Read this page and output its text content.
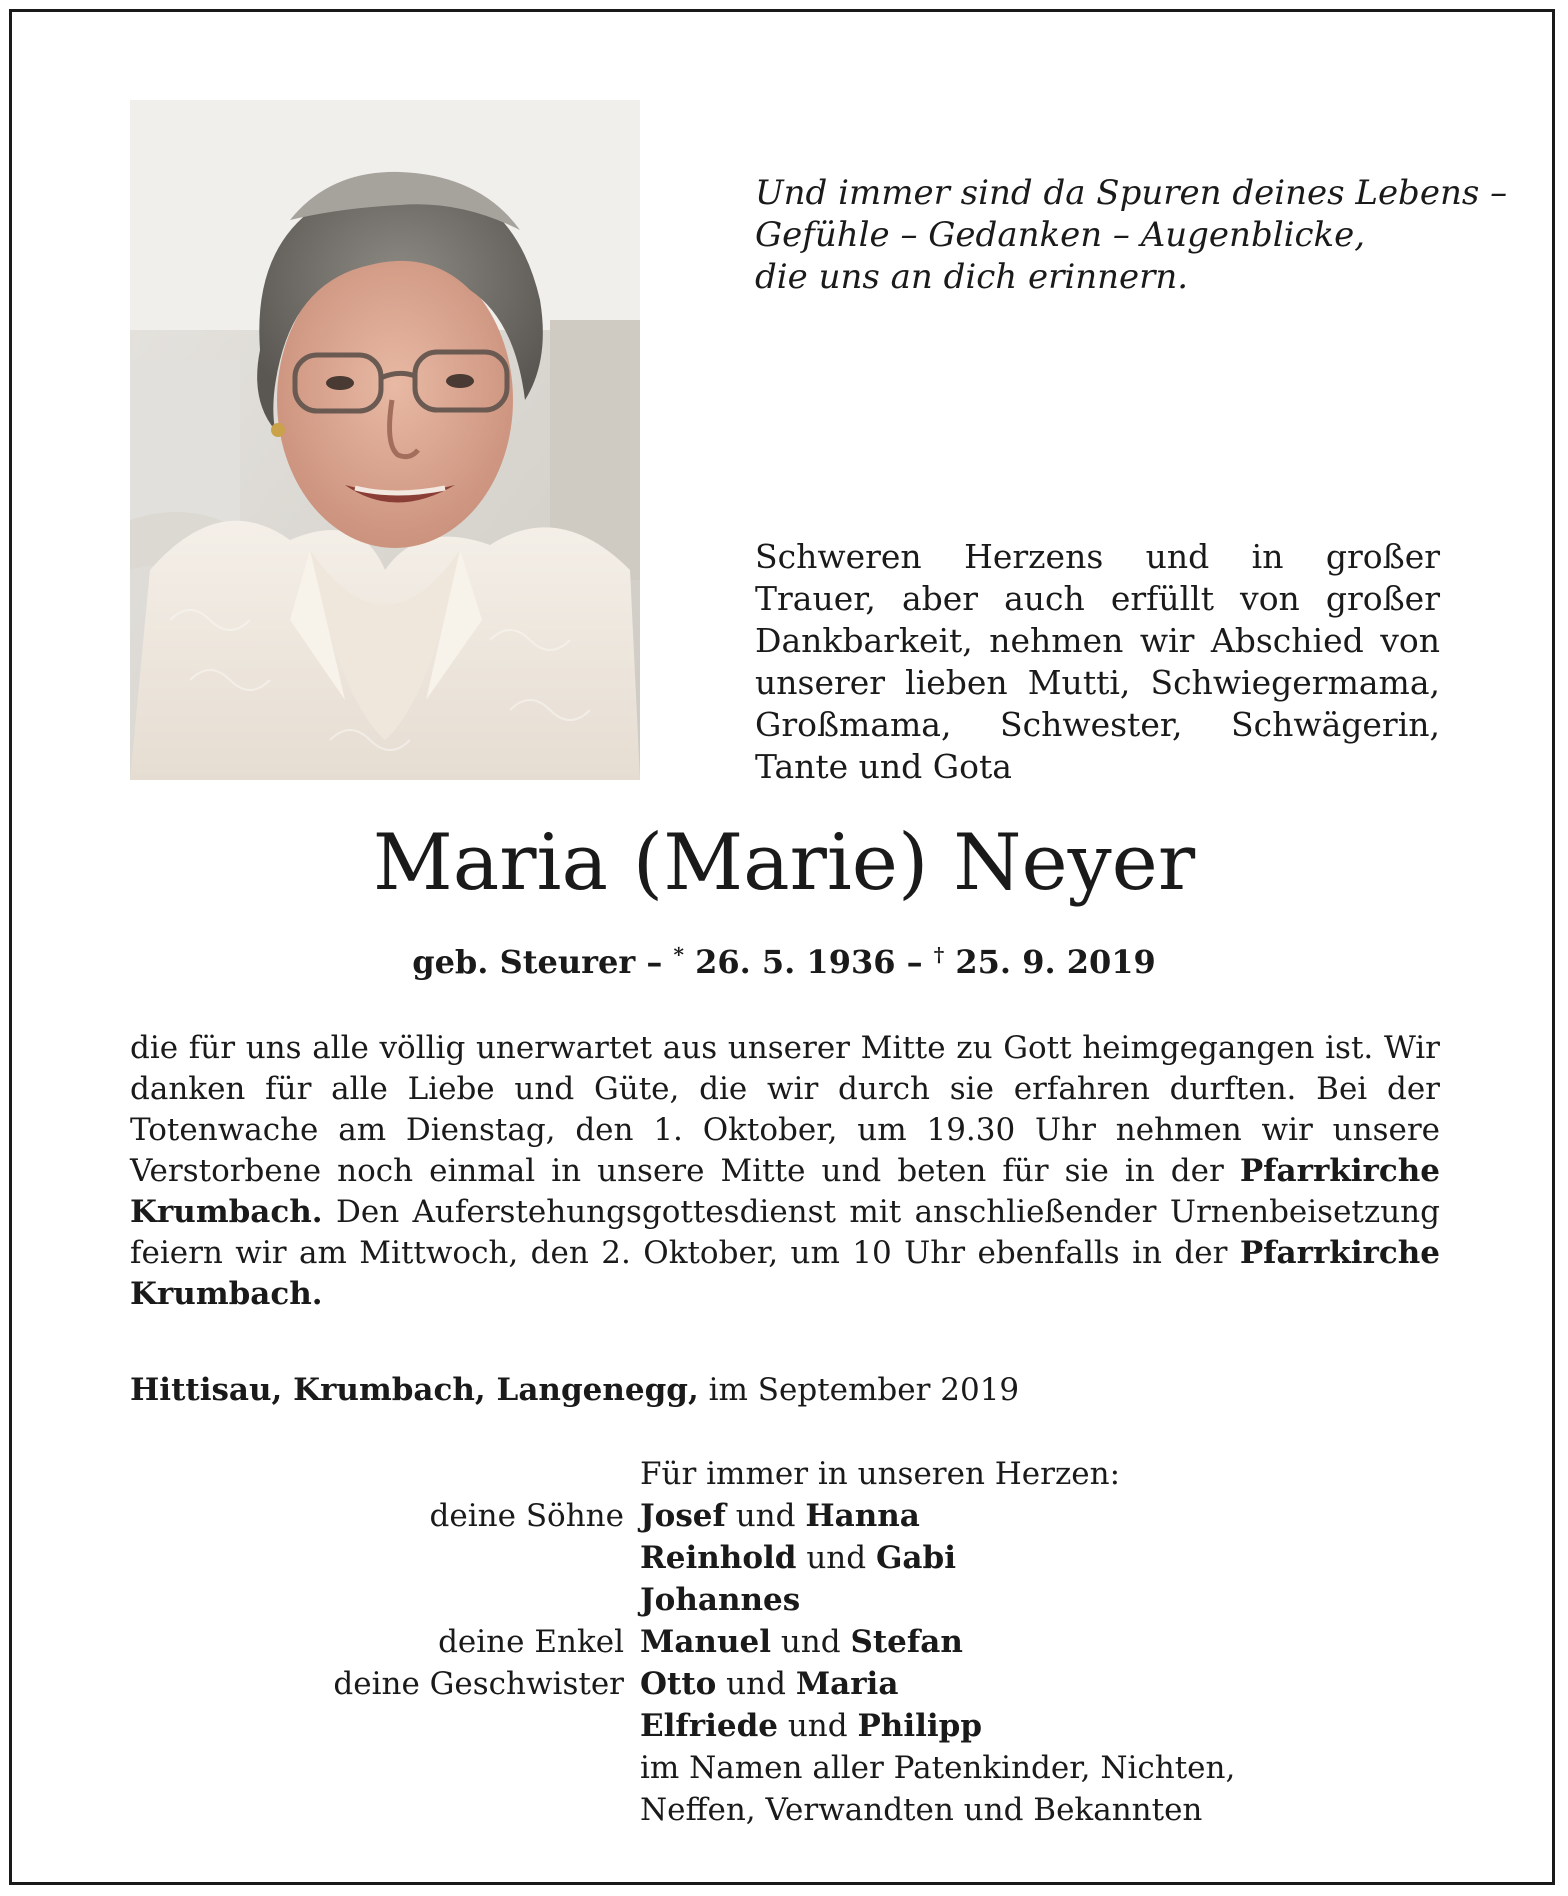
Und immer sind da Spuren deines Lebens –
Gefühle – Gedanken – Augenblicke,
die uns an dich erinnern.
Schweren Herzens und in großer Trauer, aber auch erfüllt von großer Dankbarkeit, nehmen wir Abschied von unserer lieben Mutti, Schwiegermama, Großmama, Schwester, Schwägerin, Tante und Gota
Maria (Marie) Neyer
geb. Steurer – * 26. 5. 1936 – † 25. 9. 2019
die für uns alle völlig unerwartet aus unserer Mitte zu Gott heimgegangen ist. Wir danken für alle Liebe und Güte, die wir durch sie erfahren durften. Bei der Totenwache am Dienstag, den 1. Oktober, um 19.30 Uhr nehmen wir unsere Verstorbene noch einmal in unsere Mitte und beten für sie in der Pfarrkirche Krumbach. Den Auferstehungsgottesdienst mit anschließender Urnenbeisetzung feiern wir am Mittwoch, den 2. Oktober, um 10 Uhr ebenfalls in der Pfarrkirche Krumbach.
Hittisau, Krumbach, Langenegg, im September 2019
Für immer in unseren Herzen:
deine Söhne Josef und Hanna
Reinhold und Gabi
Johannes
deine Enkel Manuel und Stefan
deine Geschwister Otto und Maria
Elfriede und Philipp
im Namen aller Patenkinder, Nichten,
Neffen, Verwandten und Bekannten
